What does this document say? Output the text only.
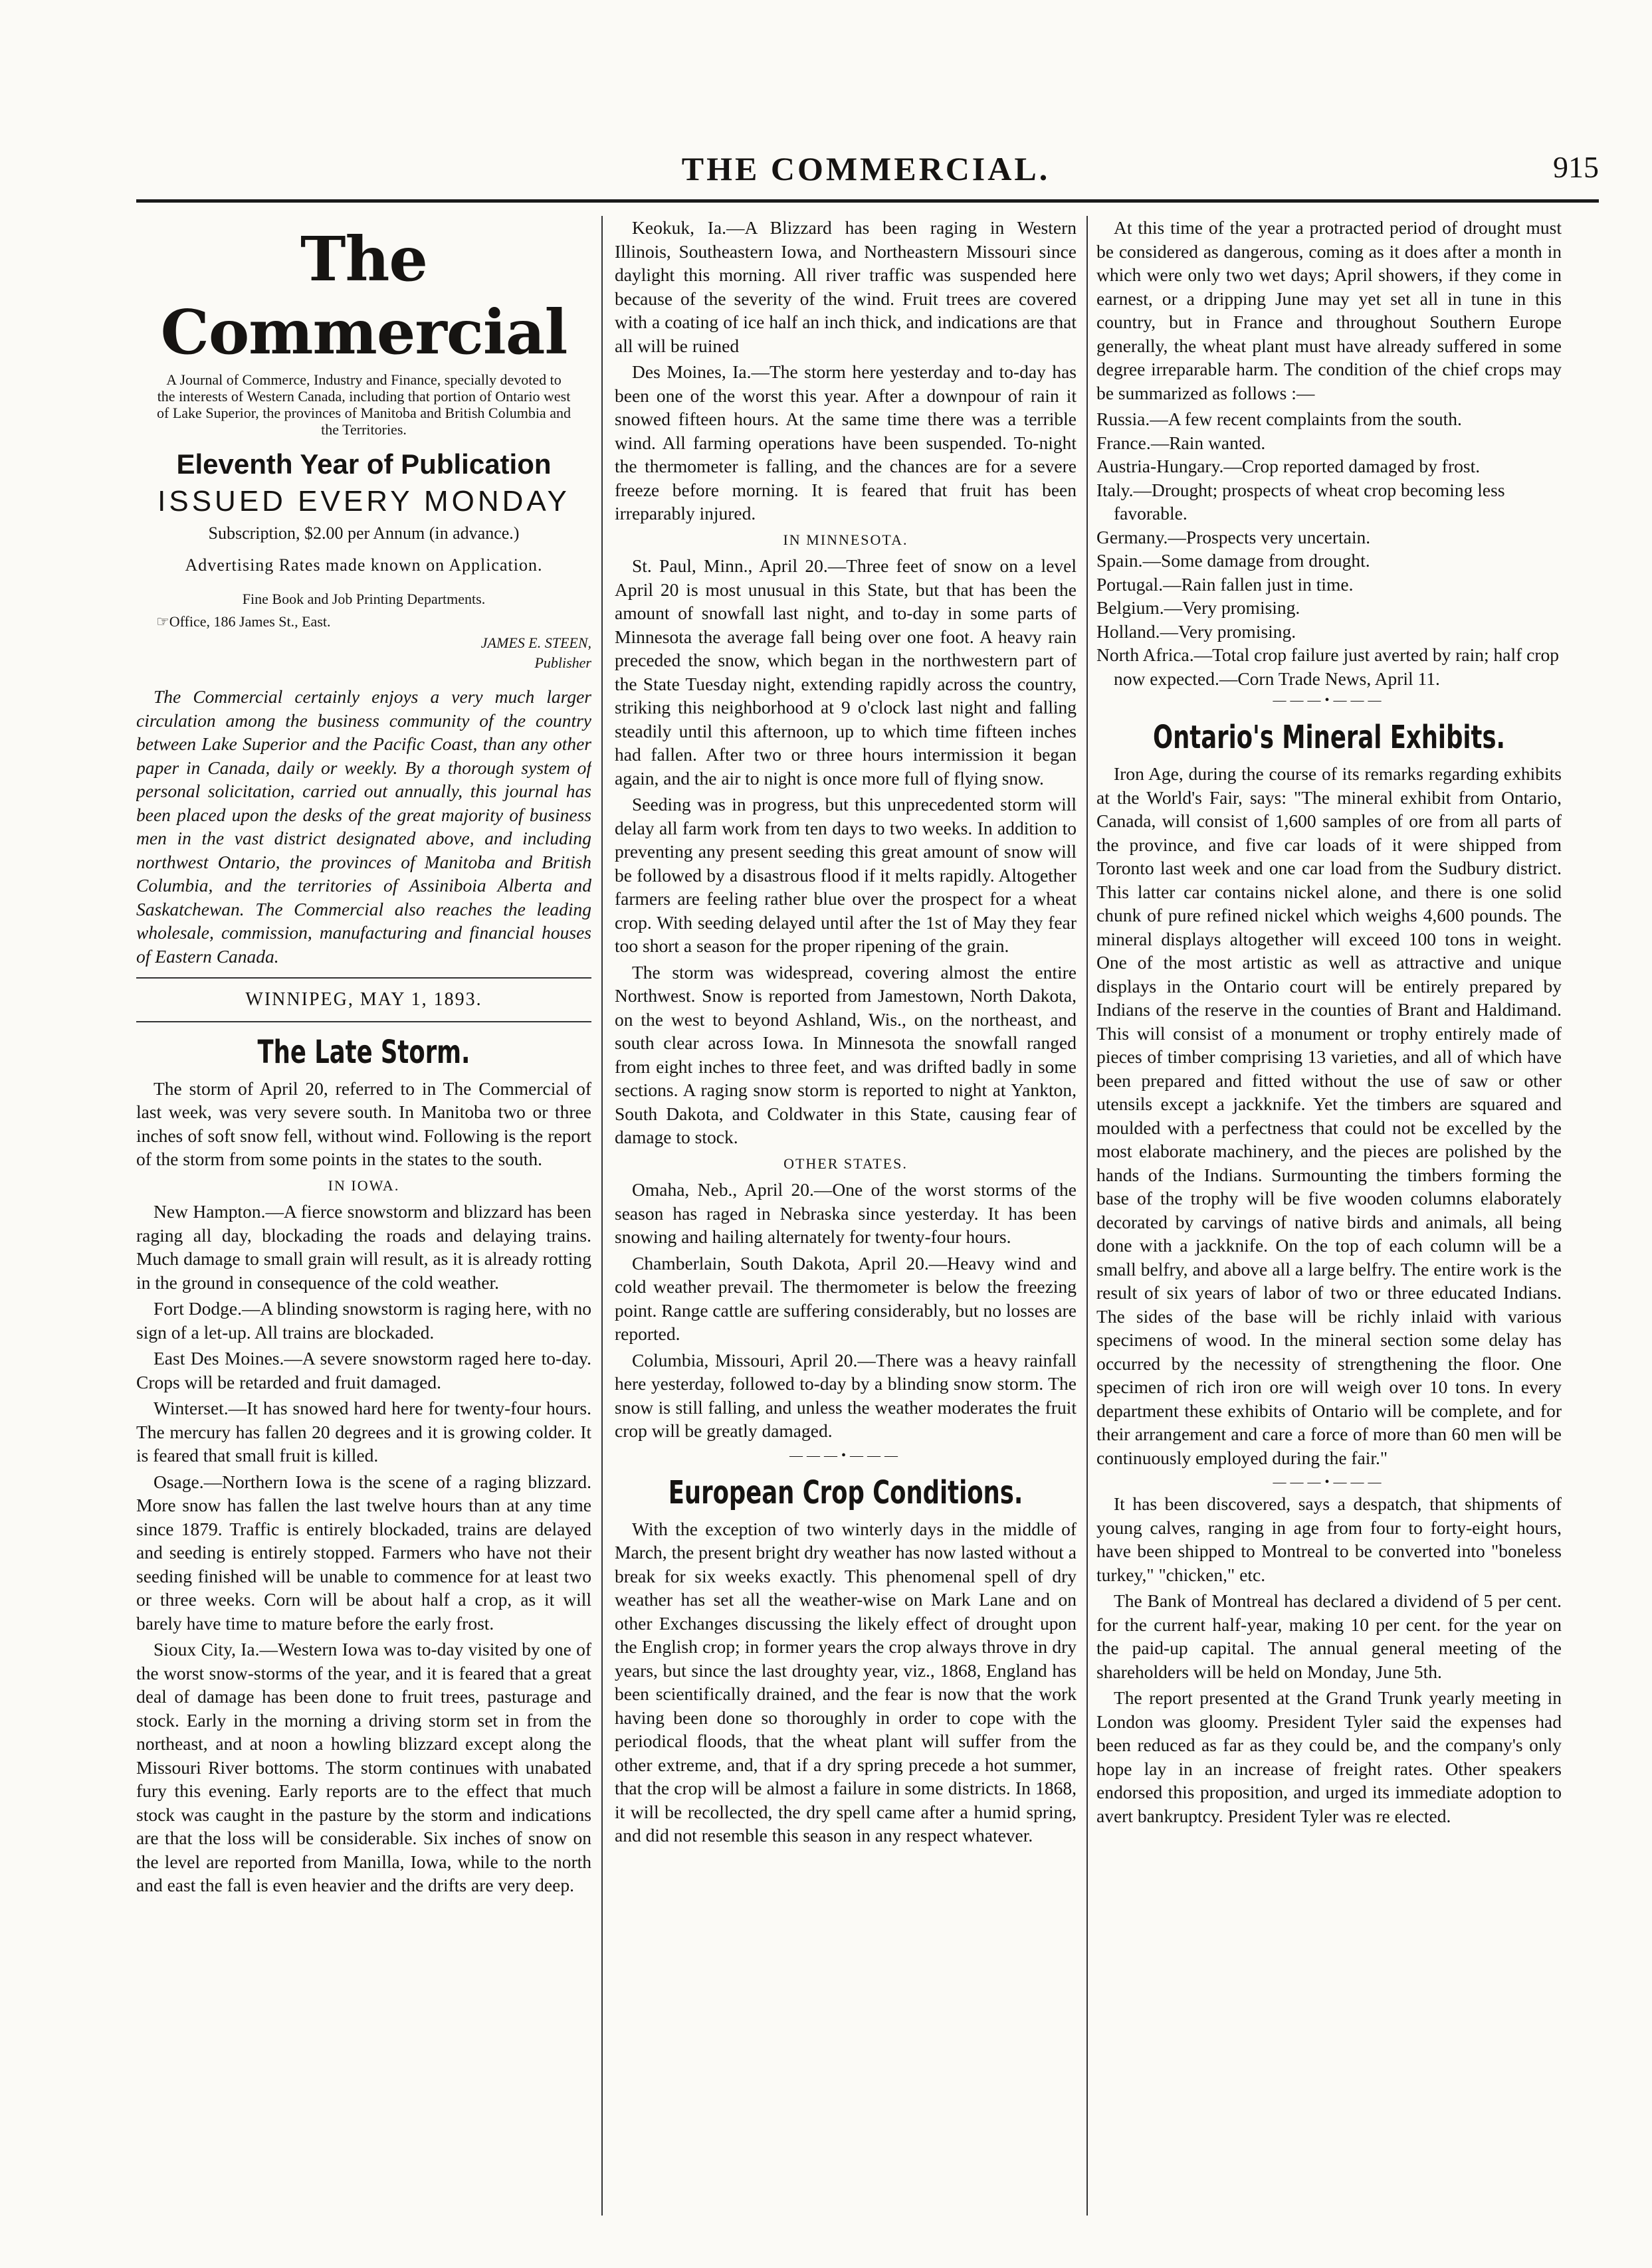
THE COMMERCIAL.	915
The Commercial

A Journal of Commerce, Industry and Finance, specially devoted to the interests of Western Canada, including that portion of Ontario west of Lake Superior, the provinces of Manitoba and British Columbia and the Territories.

Eleventh Year of Publication
ISSUED EVERY MONDAY

Subscription, $2.00 per Annum (in advance.)

Advertising Rates made known on Application.

Fine Book and Job Printing Departments.

☞Office, 186 James St., East.

JAMES E. STEEN,

Publisher

The Commercial certainly enjoys a very much larger circulation among the business community of the country between Lake Superior and the Pacific Coast, than any other paper in Canada, daily or weekly. By a thorough system of personal solicitation, carried out annually, this journal has been placed upon the desks of the great majority of business men in the vast district designated above, and including northwest Ontario, the provinces of Manitoba and British Columbia, and the territories of Assiniboia Alberta and Saskatchewan. The Commercial also reaches the leading wholesale, commission, manufacturing and financial houses of Eastern Canada.

WINNIPEG, MAY 1, 1893.

The Late Storm.

The storm of April 20, referred to in The Commercial of last week, was very severe south. In Manitoba two or three inches of soft snow fell, without wind. Following is the report of the storm from some points in the states to the south.

IN IOWA.

New Hampton.—A fierce snowstorm and blizzard has been raging all day, blockading the roads and delaying trains. Much damage to small grain will result, as it is already rotting in the ground in consequence of the cold weather.

Fort Dodge.—A blinding snowstorm is raging here, with no sign of a let-up. All trains are blockaded.

East Des Moines.—A severe snowstorm raged here to-day. Crops will be retarded and fruit damaged.

Winterset.—It has snowed hard here for twenty-four hours. The mercury has fallen 20 degrees and it is growing colder. It is feared that small fruit is killed.

Osage.—Northern Iowa is the scene of a raging blizzard. More snow has fallen the last twelve hours than at any time since 1879. Traffic is entirely blockaded, trains are delayed and seeding is entirely stopped. Farmers who have not their seeding finished will be unable to commence for at least two or three weeks. Corn will be about half a crop, as it will barely have time to mature before the early frost.

Sioux City, Ia.—Western Iowa was to-day visited by one of the worst snow-storms of the year, and it is feared that a great deal of damage has been done to fruit trees, pasturage and stock. Early in the morning a driving storm set in from the northeast, and at noon a howling blizzard except along the Missouri River bottoms. The storm continues with unabated fury this evening. Early reports are to the effect that much stock was caught in the pasture by the storm and indications are that the loss will be considerable. Six inches of snow on the level are reported from Manilla, Iowa, while to the north and east the fall is even heavier and the drifts are very deep.

Keokuk, Ia.—A Blizzard has been raging in Western Illinois, Southeastern Iowa, and Northeastern Missouri since daylight this morning. All river traffic was suspended here because of the severity of the wind. Fruit trees are covered with a coating of ice half an inch thick, and indications are that all will be ruined

Des Moines, Ia.—The storm here yesterday and to-day has been one of the worst this year. After a downpour of rain it snowed fifteen hours. At the same time there was a terrible wind. All farming operations have been suspended. To-night the thermometer is falling, and the chances are for a severe freeze before morning. It is feared that fruit has been irreparably injured.

IN MINNESOTA.

St. Paul, Minn., April 20.—Three feet of snow on a level April 20 is most unusual in this State, but that has been the amount of snowfall last night, and to-day in some parts of Minnesota the average fall being over one foot. A heavy rain preceded the snow, which began in the northwestern part of the State Tuesday night, extending rapidly across the country, striking this neighborhood at 9 o'clock last night and falling steadily until this afternoon, up to which time fifteen inches had fallen. After two or three hours intermission it began again, and the air to night is once more full of flying snow.

Seeding was in progress, but this unprecedented storm will delay all farm work from ten days to two weeks. In addition to preventing any present seeding this great amount of snow will be followed by a disastrous flood if it melts rapidly. Altogether farmers are feeling rather blue over the prospect for a wheat crop. With seeding delayed until after the 1st of May they fear too short a season for the proper ripening of the grain.

The storm was widespread, covering almost the entire Northwest. Snow is reported from Jamestown, North Dakota, on the west to beyond Ashland, Wis., on the northeast, and south clear across Iowa. In Minnesota the snowfall ranged from eight inches to three feet, and was drifted badly in some sections. A raging snow storm is reported to night at Yankton, South Dakota, and Coldwater in this State, causing fear of damage to stock.

OTHER STATES.

Omaha, Neb., April 20.—One of the worst storms of the season has raged in Nebraska since yesterday. It has been snowing and hailing alternately for twenty-four hours.

Chamberlain, South Dakota, April 20.—Heavy wind and cold weather prevail. The thermometer is below the freezing point. Range cattle are suffering considerably, but no losses are reported.

Columbia, Missouri, April 20.—There was a heavy rainfall here yesterday, followed to-day by a blinding snow storm. The snow is still falling, and unless the weather moderates the fruit crop will be greatly damaged.

———•———
European Crop Conditions.

With the exception of two winterly days in the middle of March, the present bright dry weather has now lasted without a break for six weeks exactly. This phenomenal spell of dry weather has set all the weather-wise on Mark Lane and on other Exchanges discussing the likely effect of drought upon the English crop; in former years the crop always throve in dry years, but since the last droughty year, viz., 1868, England has been scientifically drained, and the fear is now that the work having been done so thoroughly in order to cope with the periodical floods, that the wheat plant will suffer from the other extreme, and, that if a dry spring precede a hot summer, that the crop will be almost a failure in some districts. In 1868, it will be recollected, the dry spell came after a humid spring, and did not resemble this season in any respect whatever.

At this time of the year a protracted period of drought must be considered as dangerous, coming as it does after a month in which were only two wet days; April showers, if they come in earnest, or a dripping June may yet set all in tune in this country, but in France and throughout Southern Europe generally, the wheat plant must have already suffered in some degree irreparable harm. The condition of the chief crops may be summarized as follows :—

Russia.—A few recent complaints from the south.

France.—Rain wanted.

Austria-Hungary.—Crop reported damaged by frost.

Italy.—Drought; prospects of wheat crop becoming less favorable.

Germany.—Prospects very uncertain.

Spain.—Some damage from drought.

Portugal.—Rain fallen just in time.

Belgium.—Very promising.

Holland.—Very promising.

North Africa.—Total crop failure just averted by rain; half crop now expected.—Corn Trade News, April 11.

———•———
Ontario's Mineral Exhibits.

Iron Age, during the course of its remarks regarding exhibits at the World's Fair, says: "The mineral exhibit from Ontario, Canada, will consist of 1,600 samples of ore from all parts of the province, and five car loads of it were shipped from Toronto last week and one car load from the Sudbury district. This latter car contains nickel alone, and there is one solid chunk of pure refined nickel which weighs 4,600 pounds. The mineral displays altogether will exceed 100 tons in weight. One of the most artistic as well as attractive and unique displays in the Ontario court will be entirely prepared by Indians of the reserve in the counties of Brant and Haldimand. This will consist of a monument or trophy entirely made of pieces of timber comprising 13 varieties, and all of which have been prepared and fitted without the use of saw or other utensils except a jackknife. Yet the timbers are squared and moulded with a perfectness that could not be excelled by the most elaborate machinery, and the pieces are polished by the hands of the Indians. Surmounting the timbers forming the base of the trophy will be five wooden columns elaborately decorated by carvings of native birds and animals, all being done with a jackknife. On the top of each column will be a small belfry, and above all a large belfry. The entire work is the result of six years of labor of two or three educated Indians. The sides of the base will be richly inlaid with various specimens of wood. In the mineral section some delay has occurred by the necessity of strengthening the floor. One specimen of rich iron ore will weigh over 10 tons. In every department these exhibits of Ontario will be complete, and for their arrangement and care a force of more than 60 men will be continuously employed during the fair."

———•———

It has been discovered, says a despatch, that shipments of young calves, ranging in age from four to forty-eight hours, have been shipped to Montreal to be converted into "boneless turkey," "chicken," etc.

The Bank of Montreal has declared a dividend of 5 per cent. for the current half-year, making 10 per cent. for the year on the paid-up capital. The annual general meeting of the shareholders will be held on Monday, June 5th.

The report presented at the Grand Trunk yearly meeting in London was gloomy. President Tyler said the expenses had been reduced as far as they could be, and the company's only hope lay in an increase of freight rates. Other speakers endorsed this proposition, and urged its immediate adoption to avert bankruptcy. President Tyler was re elected.
